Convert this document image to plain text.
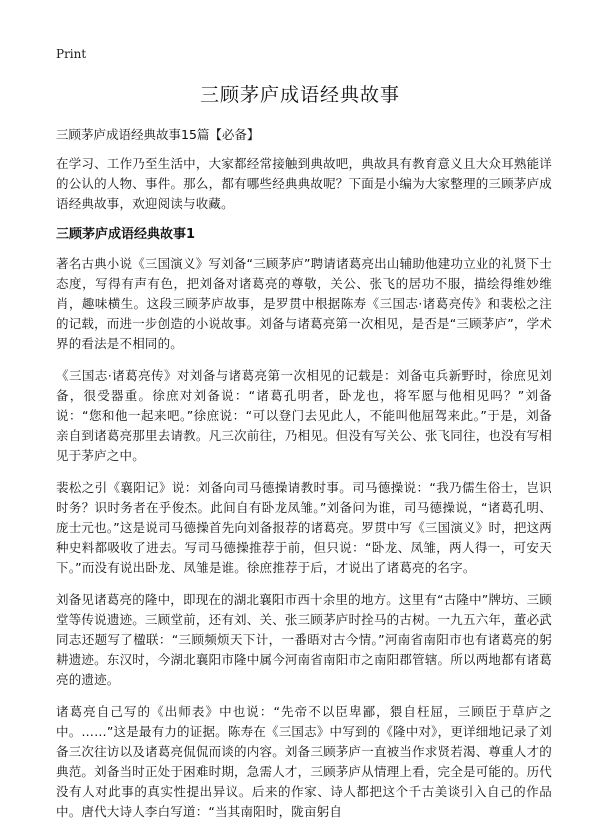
Print
三顾茅庐成语经典故事

三顾茅庐成语经典故事15篇【必备】

在学习、工作乃至生活中，大家都经常接触到典故吧，典故具有教育意义且大众耳熟能详的公认的人物、事件。那么，都有哪些经典典故呢？下面是小编为大家整理的三顾茅庐成语经典故事，欢迎阅读与收藏。

三顾茅庐成语经典故事1

著名古典小说《三国演义》写刘备“三顾茅庐”聘请诸葛亮出山辅助他建功立业的礼贤下士态度，写得有声有色，把刘备对诸葛亮的尊敬，关公、张飞的居功不服，描绘得维妙维肖，趣味横生。这段三顾茅庐故事，是罗贯中根据陈寿《三国志·诸葛亮传》和裴松之注的记载，而进一步创造的小说故事。刘备与诸葛亮第一次相见，是否是“三顾茅庐”，学术界的看法是不相同的。

《三国志·诸葛亮传》对刘备与诸葛亮第一次相见的记载是：刘备屯兵新野时，徐庶见刘备，很受器重。徐庶对刘备说：“诸葛孔明者，卧龙也，将军愿与他相见吗？”刘备说：“您和他一起来吧。”徐庶说：“可以登门去见此人，不能叫他屈驾来此。”于是，刘备亲自到诸葛亮那里去请教。凡三次前往，乃相见。但没有写关公、张飞同往，也没有写相见于茅庐之中。

裴松之引《襄阳记》说：刘备向司马德操请教时事。司马德操说：“我乃儒生俗士，岂识时务？识时务者在乎俊杰。此间自有卧龙凤雏。”刘备问为谁，司马德操说，“诸葛孔明、庞士元也。”这是说司马德操首先向刘备报荐的诸葛亮。罗贯中写《三国演义》时，把这两种史料都吸收了进去。写司马德操推荐于前，但只说：“卧龙、凤雏，两人得一，可安天下。”而没有说出卧龙、凤雏是谁。徐庶推荐于后，才说出了诸葛亮的名字。

刘备见诸葛亮的隆中，即现在的湖北襄阳市西十余里的地方。这里有“古隆中”牌坊、三顾堂等传说遗迹。三顾堂前，还有刘、关、张三顾茅庐时拴马的古树。一九五六年，董必武同志还题写了楹联：“三顾频烦天下计，一番晤对古今情。”河南省南阳市也有诸葛亮的躬耕遗迹。东汉时，今湖北襄阳市隆中属今河南省南阳市之南阳郡管辖。所以两地都有诸葛亮的遗迹。

诸葛亮自己写的《出师表》中也说：“先帝不以臣卑鄙，猥自枉屈，三顾臣于草庐之中。……”这是最有力的证据。陈寿在《三国志》中写到的《隆中对》，更详细地记录了刘备三次往访以及诸葛亮侃侃而谈的内容。刘备三顾茅庐一直被当作求贤若渴、尊重人才的典范。刘备当时正处于困难时期，急需人才，三顾茅庐从情理上看，完全是可能的。历代没有人对此事的真实性提出异议。后来的作家、诗人都把这个千古美谈引入自己的作品中。唐代大诗人李白写道：“当其南阳时，陇亩躬自
